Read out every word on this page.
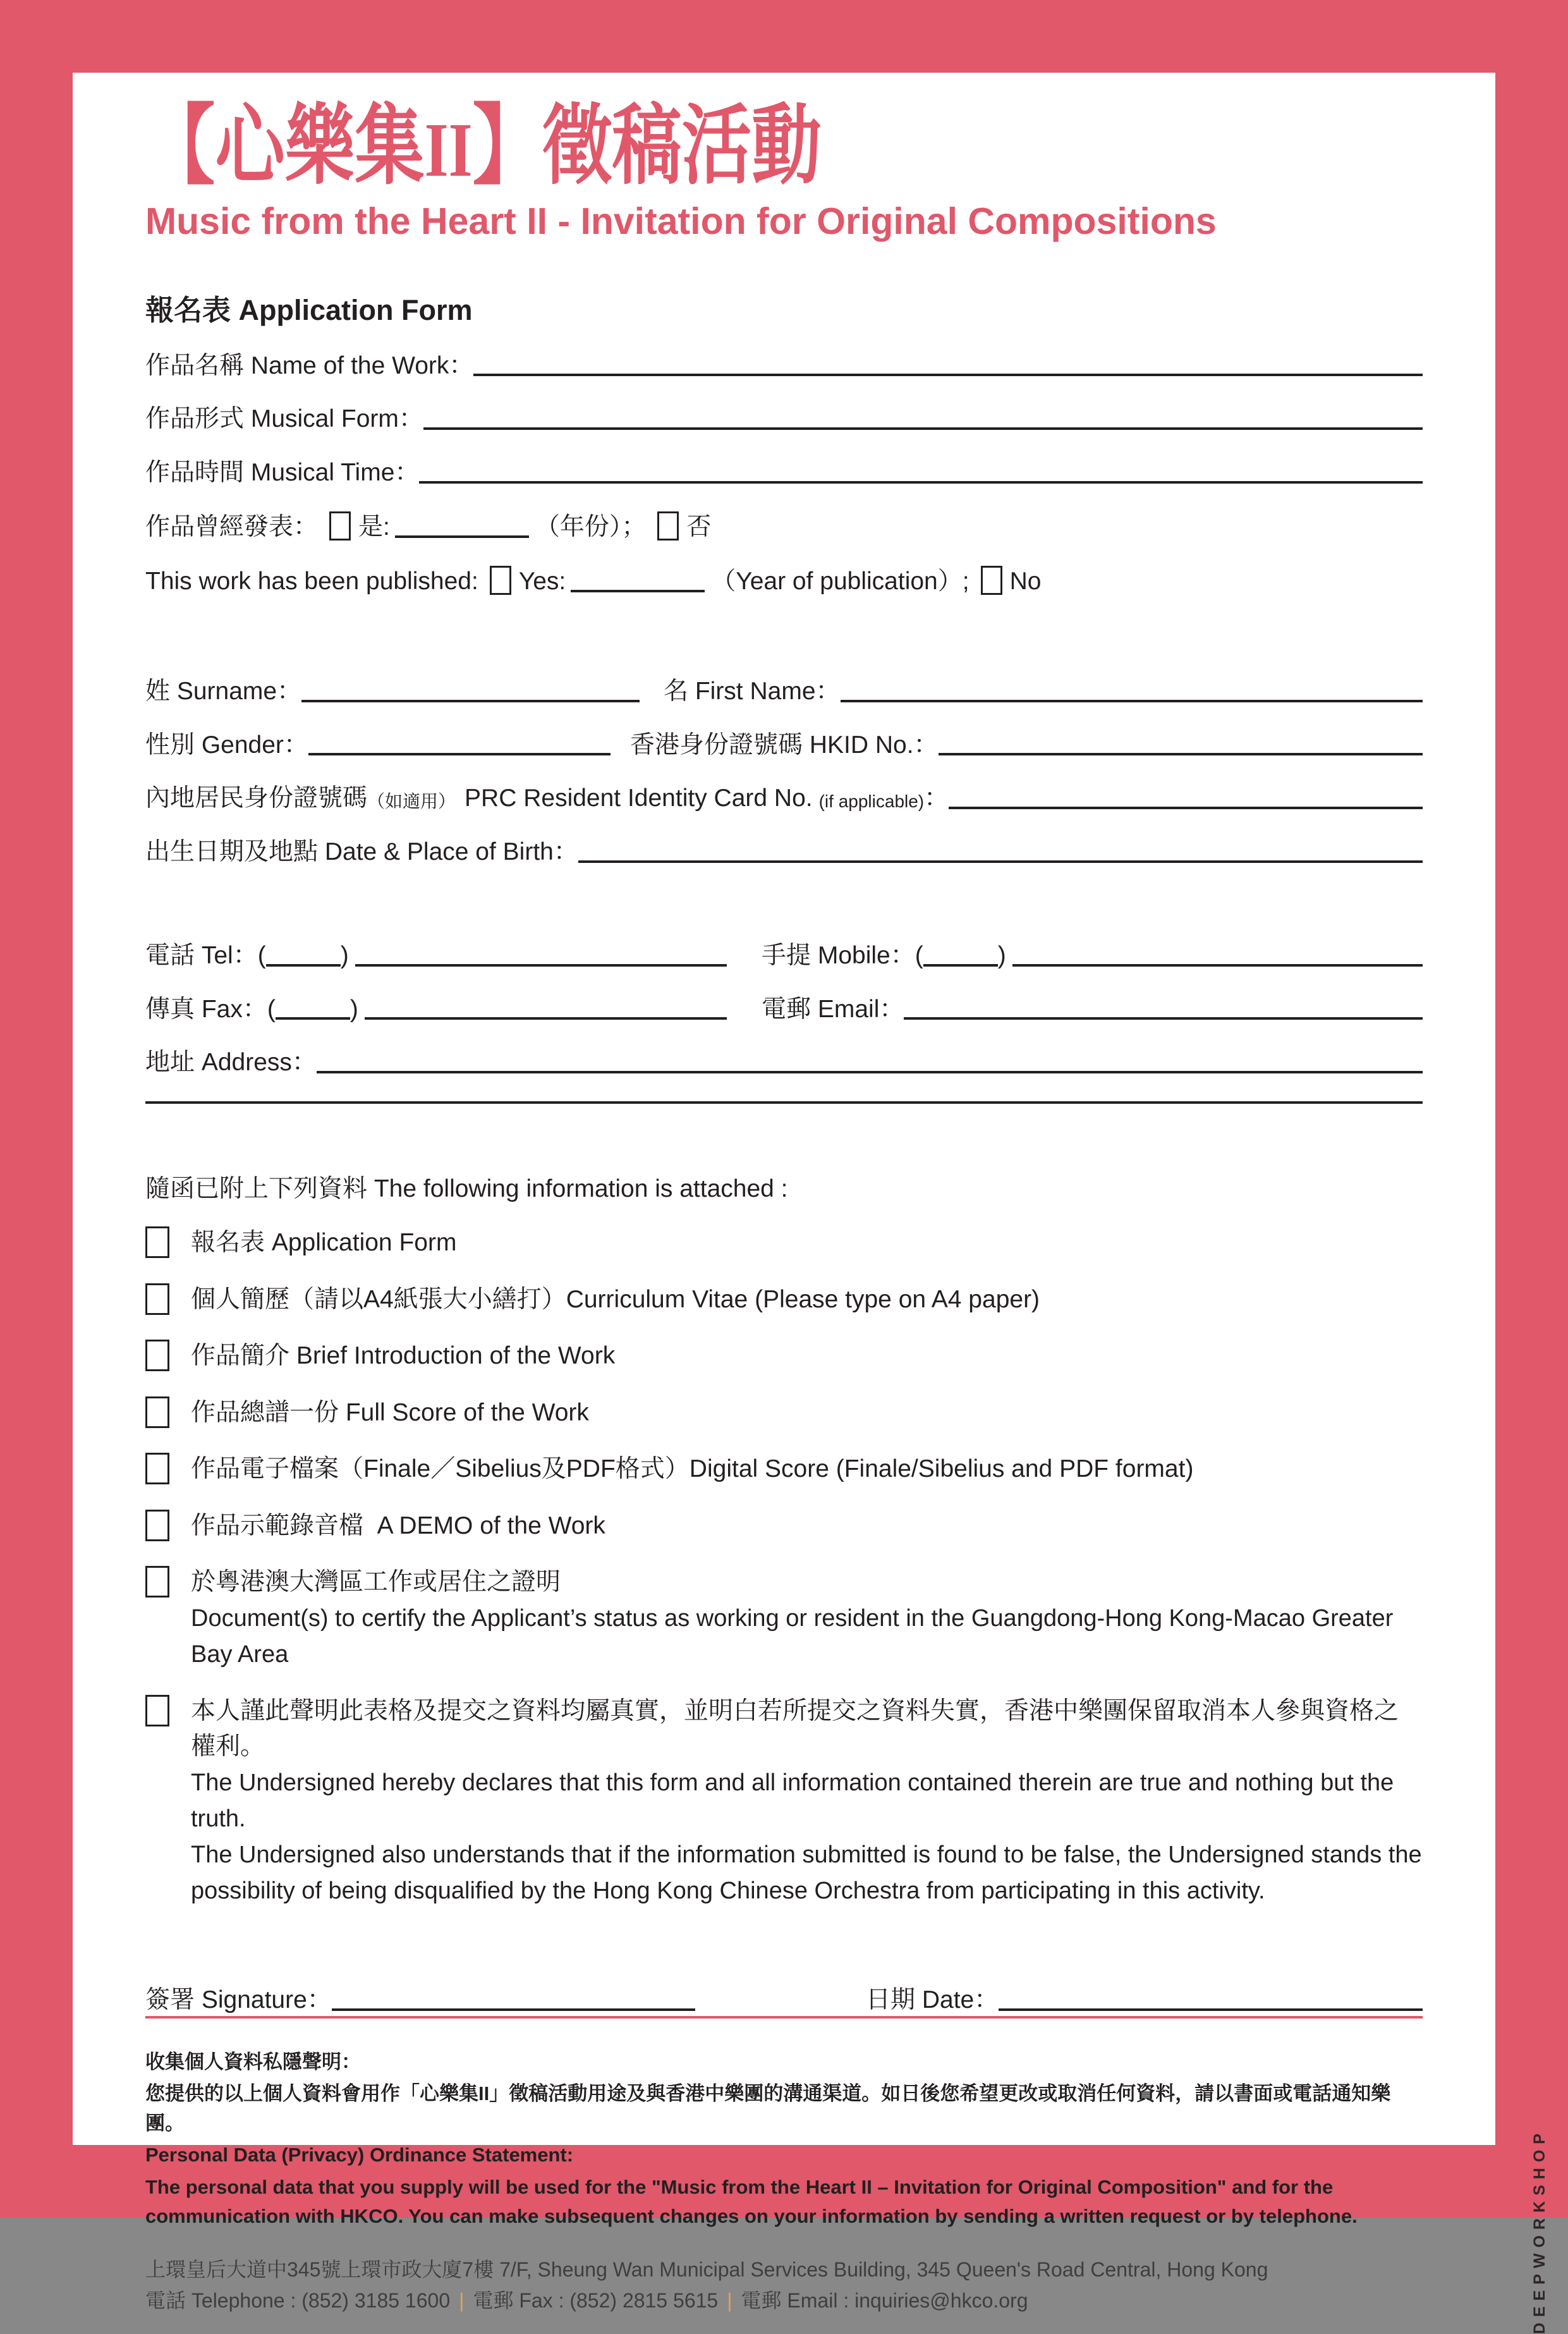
【心樂集II】徵稿活動
Music from the Heart II - Invitation for Original Compositions
報名表 Application Form
作品名稱 Name of the Work：
作品形式 Musical Form：
作品時間 Musical Time：
作品曾經發表： 是:	（年份）； 否
This work has been published: Yes:	（Year of publication）; No
姓 Surname：	名 First Name：
性別 Gender：	香港身份證號碼 HKID No.：
內地居民身份證號碼 （如適用） PRC Resident Identity Card No. (if applicable) ：
出生日期及地點 Date & Place of Birth：
電話 Tel：(	)	手提 Mobile：(	)
傳真 Fax：(	)	電郵 Email：
地址 Address：
隨函已附上下列資料 The following information is attached :
報名表 Application Form
個人簡歷（請以A4紙張大小繕打）Curriculum Vitae (Please type on A4 paper)
作品簡介 Brief Introduction of the Work
作品總譜一份 Full Score of the Work
作品電子檔案（Finale／Sibelius及PDF格式）Digital Score (Finale/Sibelius and PDF format)
作品示範錄音檔  A DEMO of the Work
於粵港澳大灣區工作或居住之證明
Document(s) to certify the Applicant’s status as working or resident in the Guangdong-Hong Kong-Macao Greater Bay Area
本人謹此聲明此表格及提交之資料均屬真實，並明白若所提交之資料失實，香港中樂團保留取消本人參與資格之權利。
The Undersigned hereby declares that this form and all information contained therein are true and nothing but the truth.
The Undersigned also understands that if the information submitted is found to be false, the Undersigned stands the possibility of being disqualified by the Hong Kong Chinese Orchestra from participating in this activity.
簽署 Signature：	日期 Date：
收集個人資料私隱聲明：
您提供的以上個人資料會用作「心樂集II」徵稿活動用途及與香港中樂團的溝通渠道。如日後您希望更改或取消任何資料，請以書面或電話通知樂團。
Personal Data (Privacy) Ordinance Statement:
The personal data that you supply will be used for the "Music from the Heart II – Invitation for Original Composition" and for the communication with HKCO. You can make subsequent changes on your information by sending a written request or by telephone.
上環皇后大道中345號上環市政大廈7樓 7/F, Sheung Wan Municipal Services Building, 345 Queen's Road Central, Hong Kong
電話 Telephone : (852) 3185 1600 | 電郵 Fax : (852) 2815 5615 | 電郵 Email : inquiries@hkco.org	DEEPWORKSHOP
